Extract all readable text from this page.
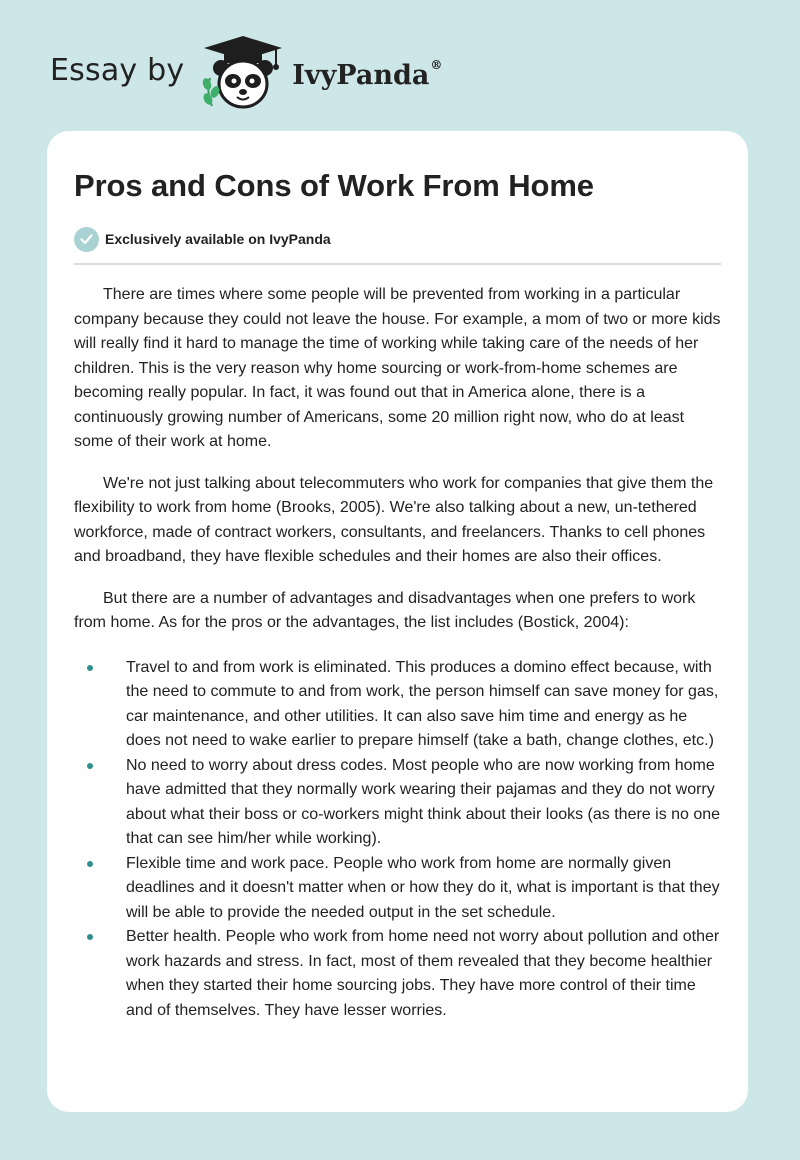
Essay by	IvyPanda®
Pros and Cons of Work From Home
Exclusively available on IvyPanda

There are times where some people will be prevented from working in a particular company because they could not leave the house. For example, a mom of two or more kids will really find it hard to manage the time of working while taking care of the needs of her children. This is the very reason why home sourcing or work-from-home schemes are becoming really popular. In fact, it was found out that in America alone, there is a continuously growing number of Americans, some 20 million right now, who do at least some of their work at home.

We're not just talking about telecommuters who work for companies that give them the flexibility to work from home (Brooks, 2005). We're also talking about a new, un-tethered workforce, made of contract workers, consultants, and freelancers. Thanks to cell phones and broadband, they have flexible schedules and their homes are also their offices.

But there are a number of advantages and disadvantages when one prefers to work from home. As for the pros or the advantages, the list includes (Bostick, 2004):

Travel to and from work is eliminated. This produces a domino effect because, with the need to commute to and from work, the person himself can save money for gas, car maintenance, and other utilities. It can also save him time and energy as he does not need to wake earlier to prepare himself (take a bath, change clothes, etc.)
No need to worry about dress codes. Most people who are now working from home have admitted that they normally work wearing their pajamas and they do not worry about what their boss or co-workers might think about their looks (as there is no one that can see him/her while working).
Flexible time and work pace. People who work from home are normally given deadlines and it doesn't matter when or how they do it, what is important is that they will be able to provide the needed output in the set schedule.
Better health. People who work from home need not worry about pollution and other work hazards and stress. In fact, most of them revealed that they become healthier when they started their home sourcing jobs. They have more control of their time and of themselves. They have lesser worries.
